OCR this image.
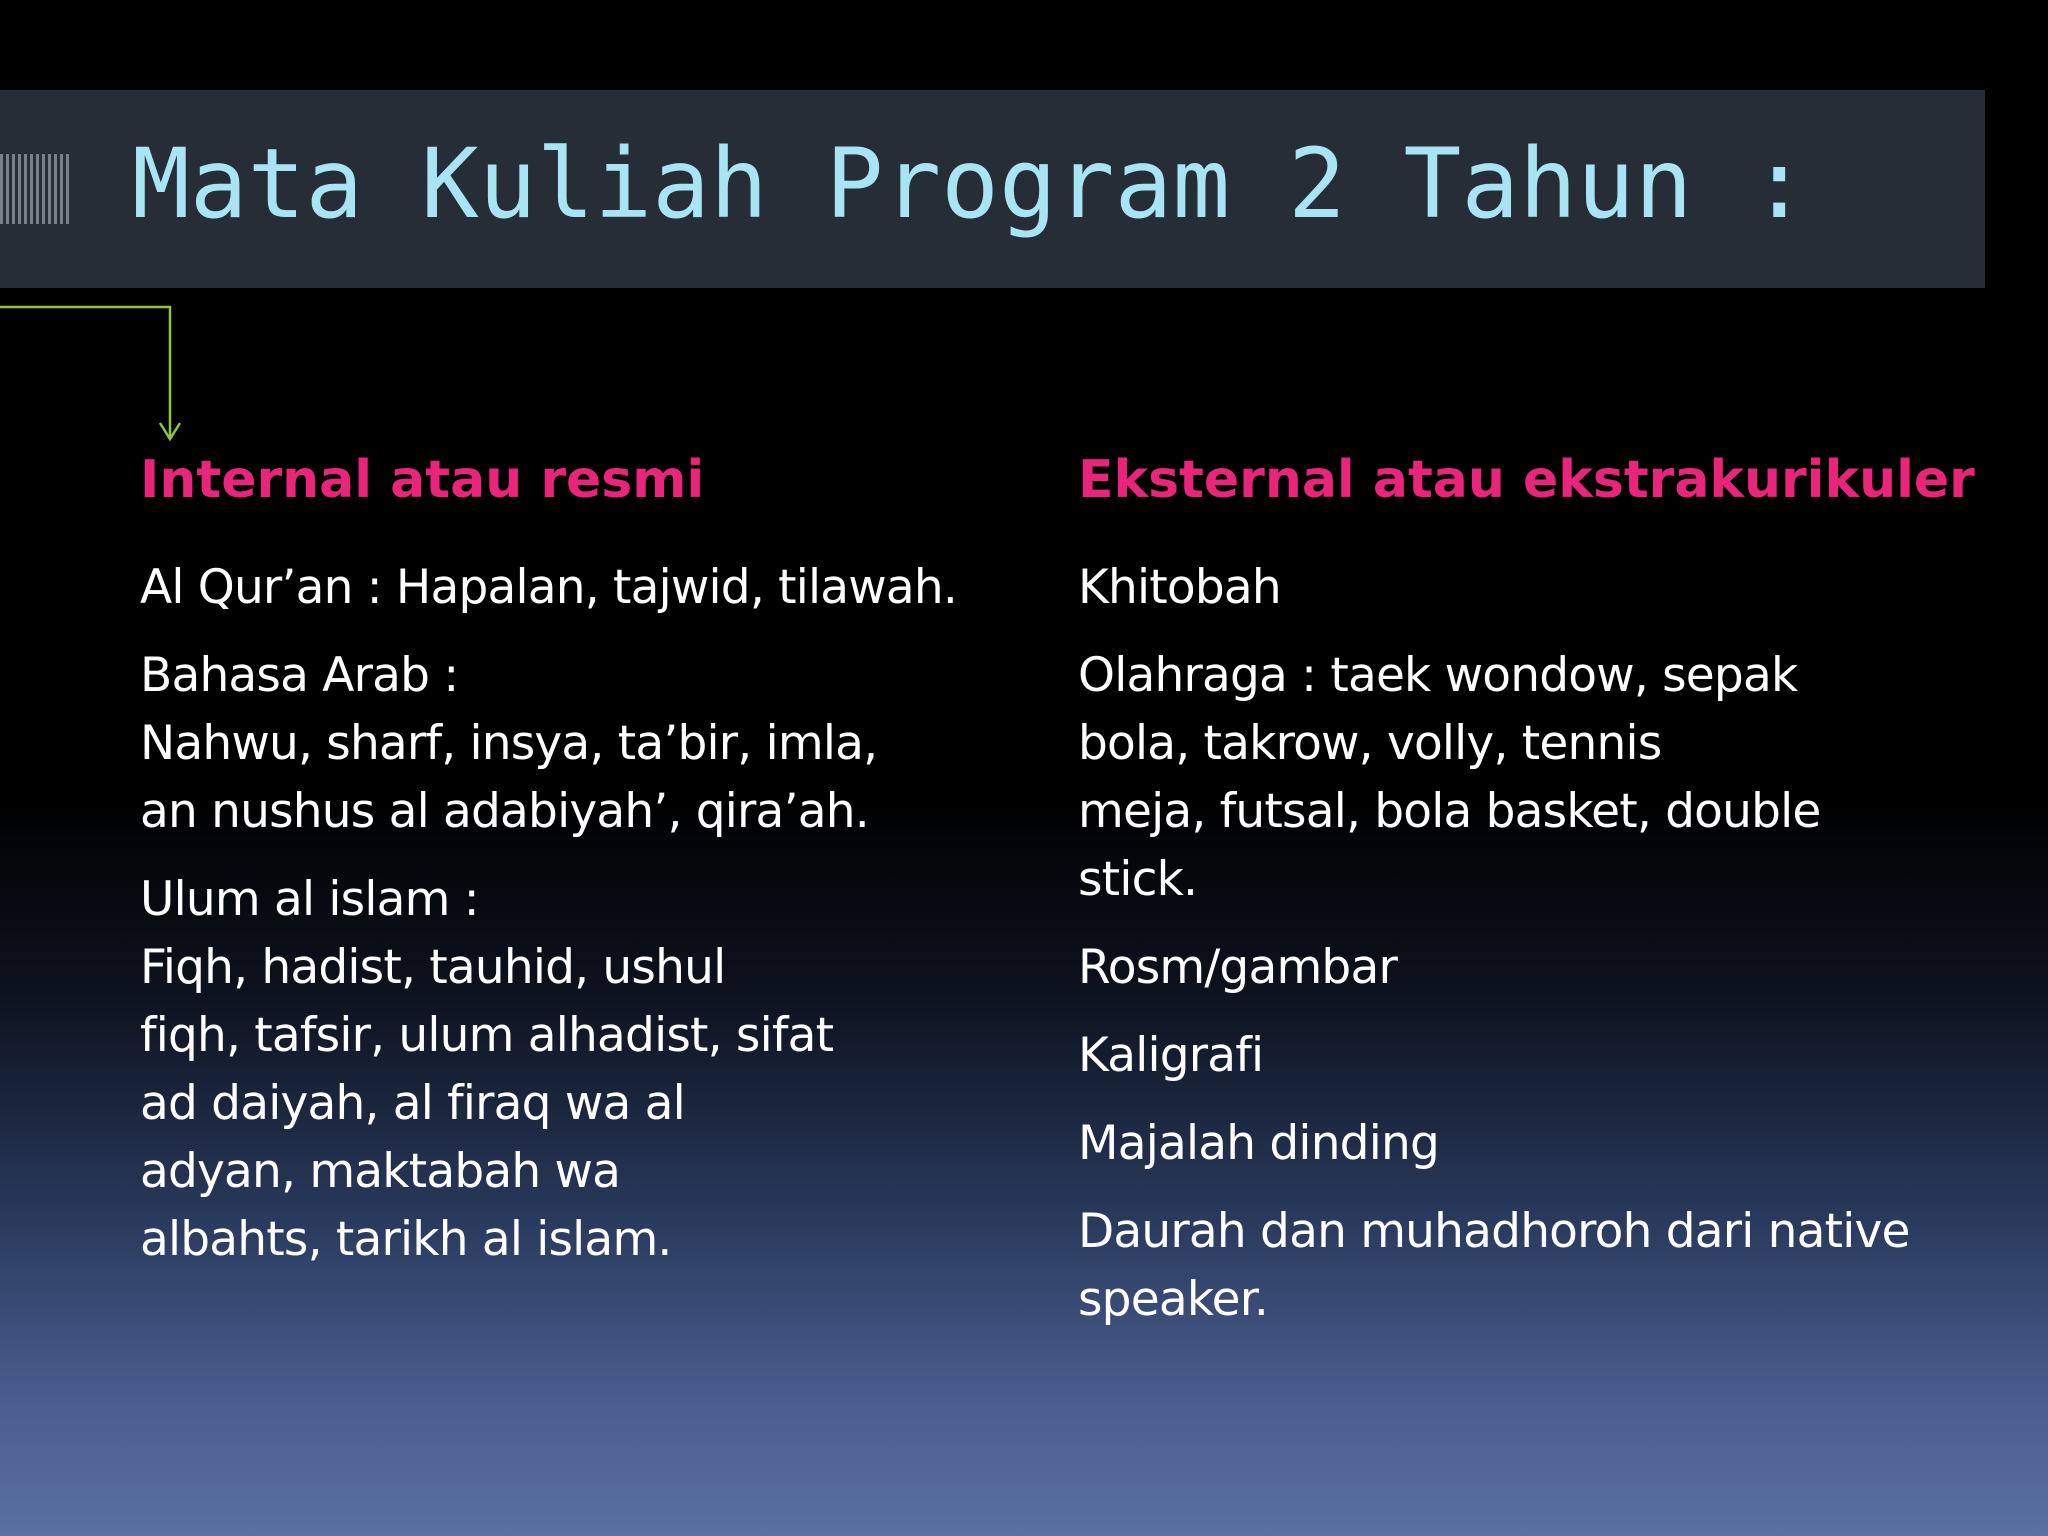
Mata Kuliah Program 2 Tahun :
Internal atau resmi
Al Qur’an : Hapalan, tajwid, tilawah.
Bahasa Arab :
Nahwu, sharf, insya, ta’bir, imla,
an nushus al adabiyah’, qira’ah.
Ulum al islam :
Fiqh, hadist, tauhid, ushul
fiqh, tafsir, ulum alhadist, sifat
ad daiyah, al firaq wa al
adyan, maktabah wa
albahts, tarikh al islam.
Eksternal atau ekstrakurikuler
Khitobah
Olahraga : taek wondow, sepak
bola, takrow, volly, tennis
meja, futsal, bola basket, double
stick.
Rosm/gambar
Kaligrafi
Majalah dinding
Daurah dan muhadhoroh dari native
speaker.
